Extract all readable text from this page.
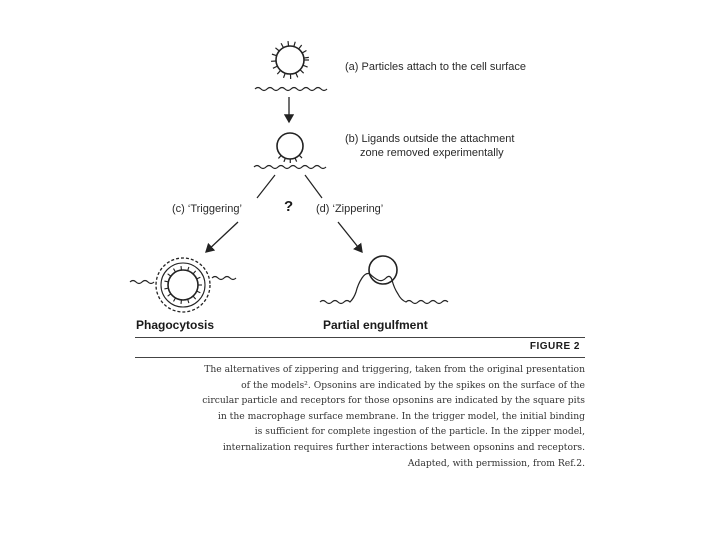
(a) Particles attach to the cell surface
(b) Ligands outside the attachment
zone removed experimentally
(c) ‘Triggering’	? (d) ‘Zippering’
Phagocytosis	Partial engulfment
FIGURE 2
The alternatives of zippering and triggering, taken from the original presentation
of the models². Opsonins are indicated by the spikes on the surface of the
circular particle and receptors for those opsonins are indicated by the square pits
in the macrophage surface membrane. In the trigger model, the initial binding
is sufficient for complete ingestion of the particle. In the zipper model,
internalization requires further interactions between opsonins and receptors.
Adapted, with permission, from Ref.2.
